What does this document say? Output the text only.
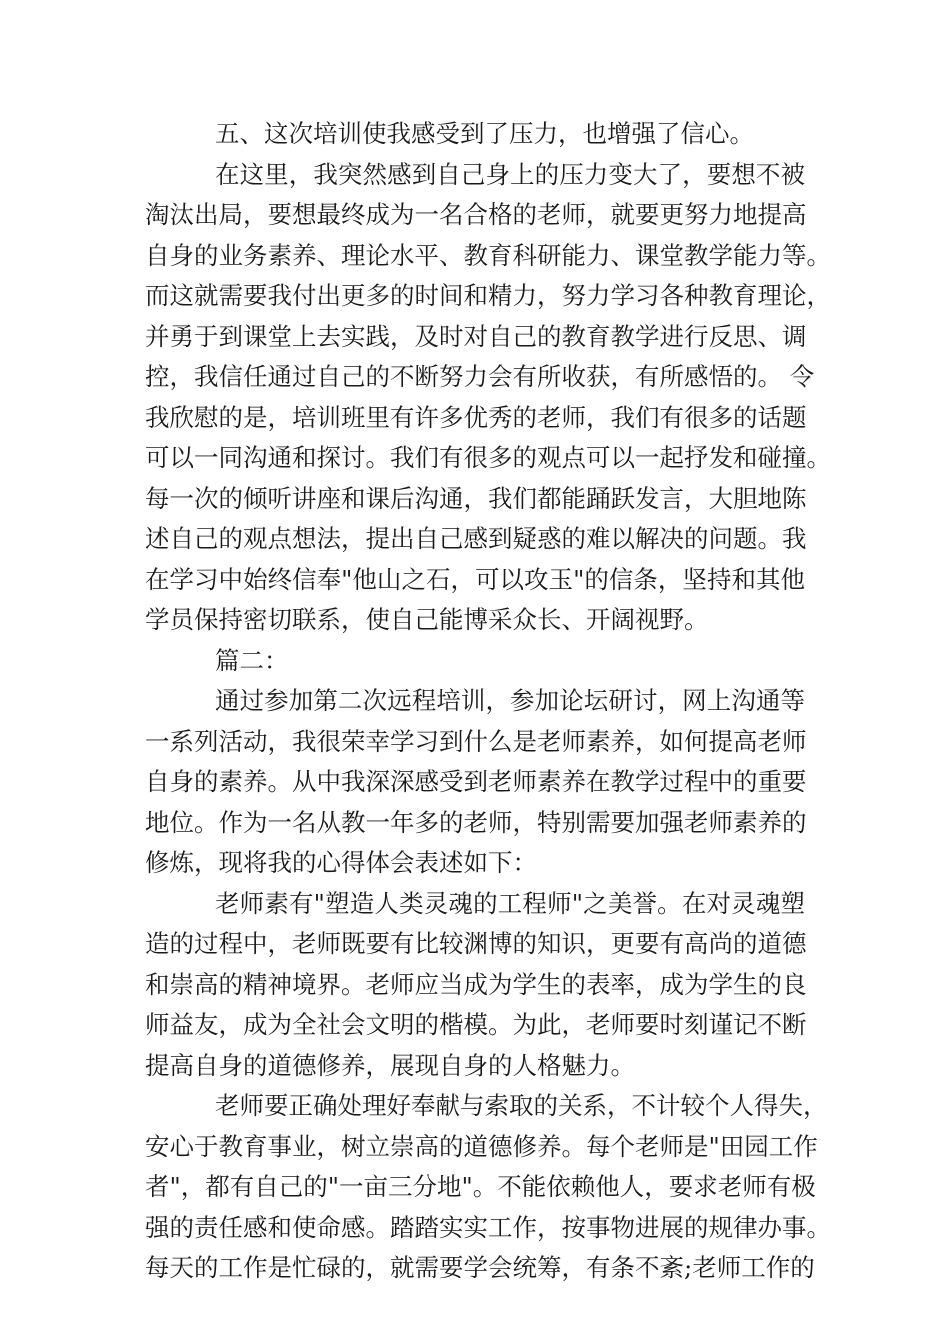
五、这次培训使我感受到了压力，也增强了信心。
在这里，我突然感到自己身上的压力变大了，要想不被
淘汰出局，要想最终成为一名合格的老师，就要更努力地提高
自身的业务素养、理论水平、教育科研能力、课堂教学能力等。
而这就需要我付出更多的时间和精力，努力学习各种教育理论，
并勇于到课堂上去实践，及时对自己的教育教学进行反思、调
控，我信任通过自己的不断努力会有所收获，有所感悟的。 令
我欣慰的是，培训班里有许多优秀的老师，我们有很多的话题
可以一同沟通和探讨。我们有很多的观点可以一起抒发和碰撞。
每一次的倾听讲座和课后沟通，我们都能踊跃发言，大胆地陈
述自己的观点想法，提出自己感到疑惑的难以解决的问题。我
在学习中始终信奉"他山之石，可以攻玉"的信条，坚持和其他
学员保持密切联系，使自己能博采众长、开阔视野。
篇二：
通过参加第二次远程培训，参加论坛研讨，网上沟通等
一系列活动，我很荣幸学习到什么是老师素养，如何提高老师
自身的素养。从中我深深感受到老师素养在教学过程中的重要
地位。作为一名从教一年多的老师，特别需要加强老师素养的
修炼，现将我的心得体会表述如下：
老师素有"塑造人类灵魂的工程师"之美誉。在对灵魂塑
造的过程中，老师既要有比较渊博的知识，更要有高尚的道德
和崇高的精神境界。老师应当成为学生的表率，成为学生的良
师益友，成为全社会文明的楷模。为此，老师要时刻谨记不断
提高自身的道德修养，展现自身的人格魅力。
老师要正确处理好奉献与索取的关系，不计较个人得失，
安心于教育事业，树立崇高的道德修养。每个老师是"田园工作
者"，都有自己的"一亩三分地"。不能依赖他人，要求老师有极
强的责任感和使命感。踏踏实实工作，按事物进展的规律办事。
每天的工作是忙碌的，就需要学会统筹，有条不紊;老师工作的
